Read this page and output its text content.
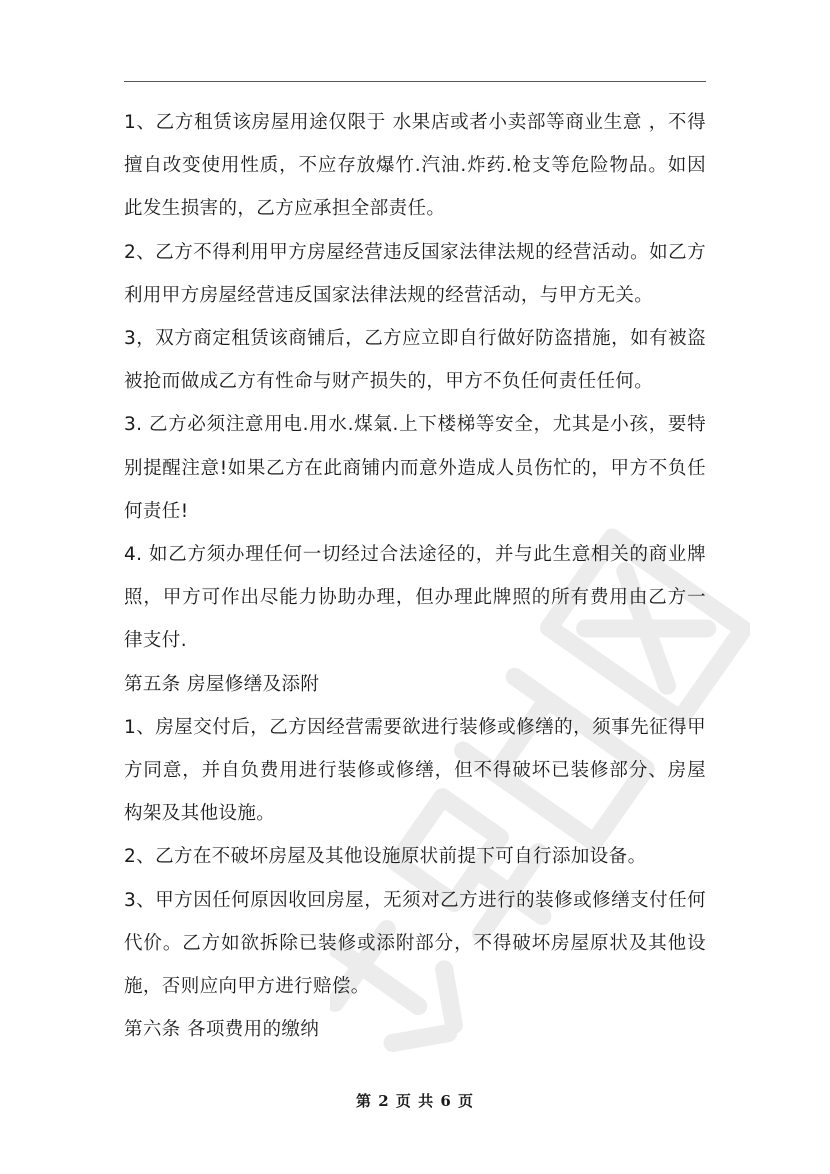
1、乙方租赁该房屋用途仅限于 水果店或者小卖部等商业生意 ，不得擅自改变使用性质，不应存放爆竹.汽油.炸药.枪支等危险物品。如因此发生损害的，乙方应承担全部责任。

2、乙方不得利用甲方房屋经营违反国家法律法规的经营活动。如乙方利用甲方房屋经营违反国家法律法规的经营活动，与甲方无关。

3，双方商定租赁该商铺后，乙方应立即自行做好防盗措施，如有被盗被抢而做成乙方有性命与财产损失的，甲方不负任何责任任何。

3. 乙方必须注意用电.用水.煤氣.上下楼梯等安全，尤其是小孩，要特别提醒注意!如果乙方在此商铺内而意外造成人员伤忙的，甲方不负任何责任!

4. 如乙方须办理任何一切经过合法途径的，并与此生意相关的商业牌照，甲方可作出尽能力协助办理，但办理此牌照的所有费用由乙方一律支付.

第五条 房屋修缮及添附

1、房屋交付后，乙方因经营需要欲进行装修或修缮的，须事先征得甲方同意，并自负费用进行装修或修缮，但不得破坏已装修部分、房屋构架及其他设施。

2、乙方在不破坏房屋及其他设施原状前提下可自行添加设备。

3、甲方因任何原因收回房屋，无须对乙方进行的装修或修缮支付任何代价。乙方如欲拆除已装修或添附部分，不得破坏房屋原状及其他设施，否则应向甲方进行赔偿。

第六条 各项费用的缴纳

第 2 页 共 6 页
